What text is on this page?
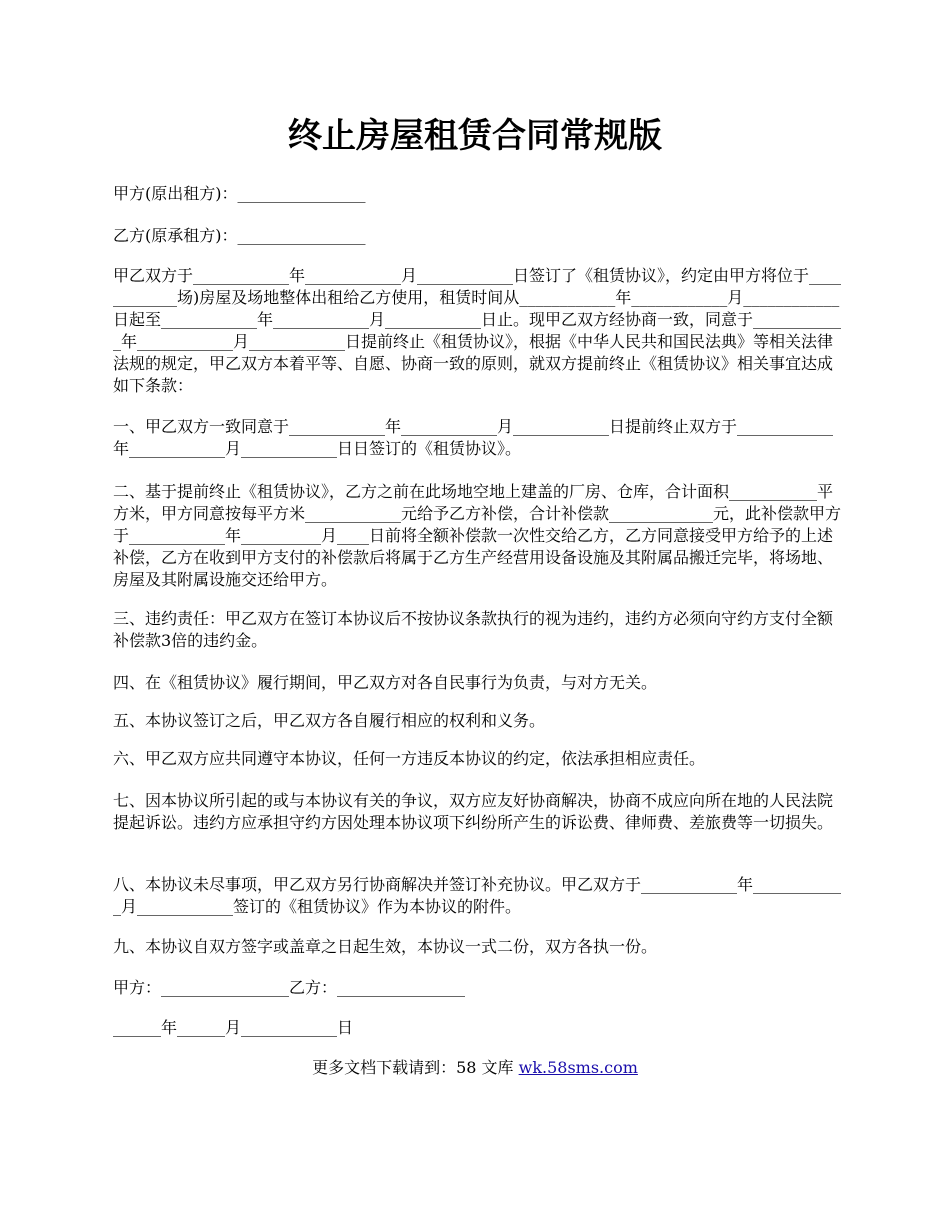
终止房屋租赁合同常规版

甲方(原出租方)：________________

乙方(原承租方)：________________

甲乙双方于____________年____________月____________日签订了《租赁协议》，约定由甲方将位于____________场)房屋及场地整体出租给乙方使用，租赁时间从____________年____________月____________日起至____________年____________月____________日止。现甲乙双方经协商一致，同意于____________年____________月____________日提前终止《租赁协议》，根据《中华人民共和国民法典》等相关法律法规的规定，甲乙双方本着平等、自愿、协商一致的原则，就双方提前终止《租赁协议》相关事宜达成如下条款：

一、甲乙双方一致同意于____________年____________月____________日提前终止双方于____________年____________月____________日日签订的《租赁协议》。

二、基于提前终止《租赁协议》，乙方之前在此场地空地上建盖的厂房、仓库，合计面积___________平方米，甲方同意按每平方米____________元给予乙方补偿，合计补偿款_____________元，此补偿款甲方于____________年__________月____日前将全额补偿款一次性交给乙方，乙方同意接受甲方给予的上述补偿，乙方在收到甲方支付的补偿款后将属于乙方生产经营用设备设施及其附属品搬迁完毕，将场地、房屋及其附属设施交还给甲方。

三、违约责任：甲乙双方在签订本协议后不按协议条款执行的视为违约，违约方必须向守约方支付全额补偿款3倍的违约金。

四、在《租赁协议》履行期间，甲乙双方对各自民事行为负责，与对方无关。

五、本协议签订之后，甲乙双方各自履行相应的权利和义务。

六、甲乙双方应共同遵守本协议，任何一方违反本协议的约定，依法承担相应责任。

七、因本协议所引起的或与本协议有关的争议，双方应友好协商解决，协商不成应向所在地的人民法院提起诉讼。违约方应承担守约方因处理本协议项下纠纷所产生的诉讼费、律师费、差旅费等一切损失。

八、本协议未尽事项，甲乙双方另行协商解决并签订补充协议。甲乙双方于____________年____________月____________签订的《租赁协议》作为本协议的附件。

九、本协议自双方签字或盖章之日起生效，本协议一式二份，双方各执一份。

甲方：________________乙方：________________

______年______月____________日

更多文档下载请到：58 文库 wk.58sms.com
